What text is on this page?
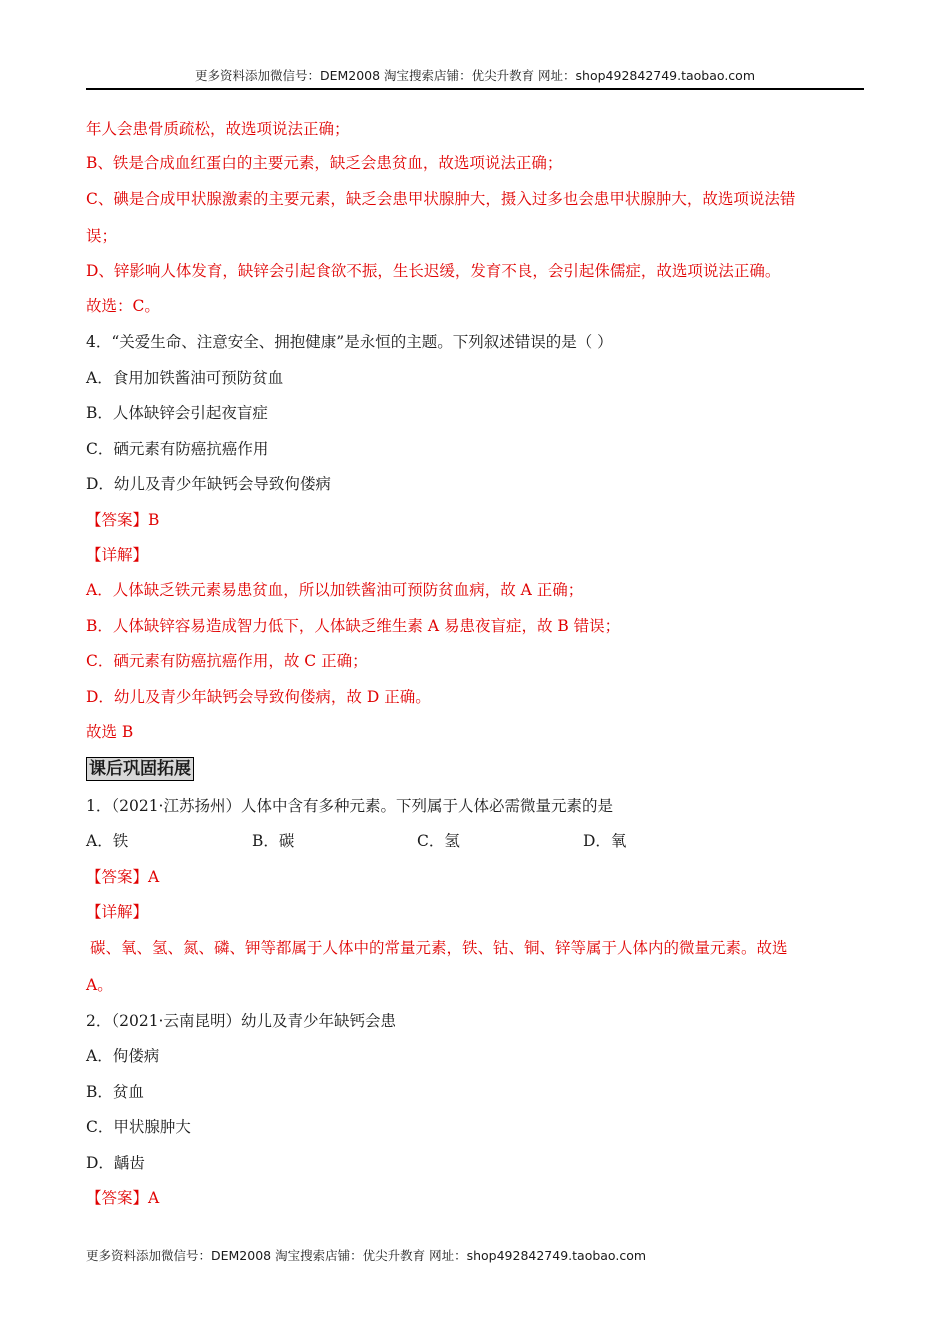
更多资料添加微信号：DEM2008 淘宝搜索店铺：优尖升教育 网址：shop492842749.taobao.com
年人会患骨质疏松，故选项说法正确；
B、铁是合成血红蛋白的主要元素，缺乏会患贫血，故选项说法正确；
C、碘是合成甲状腺激素的主要元素，缺乏会患甲状腺肿大，摄入过多也会患甲状腺肿大，故选项说法错
误；
D、锌影响人体发育，缺锌会引起食欲不振，生长迟缓，发育不良，会引起侏儒症，故选项说法正确。
故选：C。
4．“关爱生命、注意安全、拥抱健康”是永恒的主题。下列叙述错误的是（ ）
A．食用加铁酱油可预防贫血
B．人体缺锌会引起夜盲症
C．硒元素有防癌抗癌作用
D．幼儿及青少年缺钙会导致佝偻病
【答案】B
【详解】
A．人体缺乏铁元素易患贫血，所以加铁酱油可预防贫血病，故 A 正确；
B．人体缺锌容易造成智力低下，人体缺乏维生素 A 易患夜盲症，故 B 错误；
C．硒元素有防癌抗癌作用，故 C 正确；
D．幼儿及青少年缺钙会导致佝偻病，故 D 正确。
故选 B
课后巩固拓展
1．（2021·江苏扬州）人体中含有多种元素。下列属于人体必需微量元素的是
A．铁	B．碳	C．氢	D．氧
【答案】A
【详解】
碳、氧、氢、氮、磷、钾等都属于人体中的常量元素，铁、钴、铜、锌等属于人体内的微量元素。故选
A。
2．（2021·云南昆明）幼儿及青少年缺钙会患
A．佝偻病
B．贫血
C．甲状腺肿大
D．龋齿
【答案】A
更多资料添加微信号：DEM2008 淘宝搜索店铺：优尖升教育 网址：shop492842749.taobao.com
